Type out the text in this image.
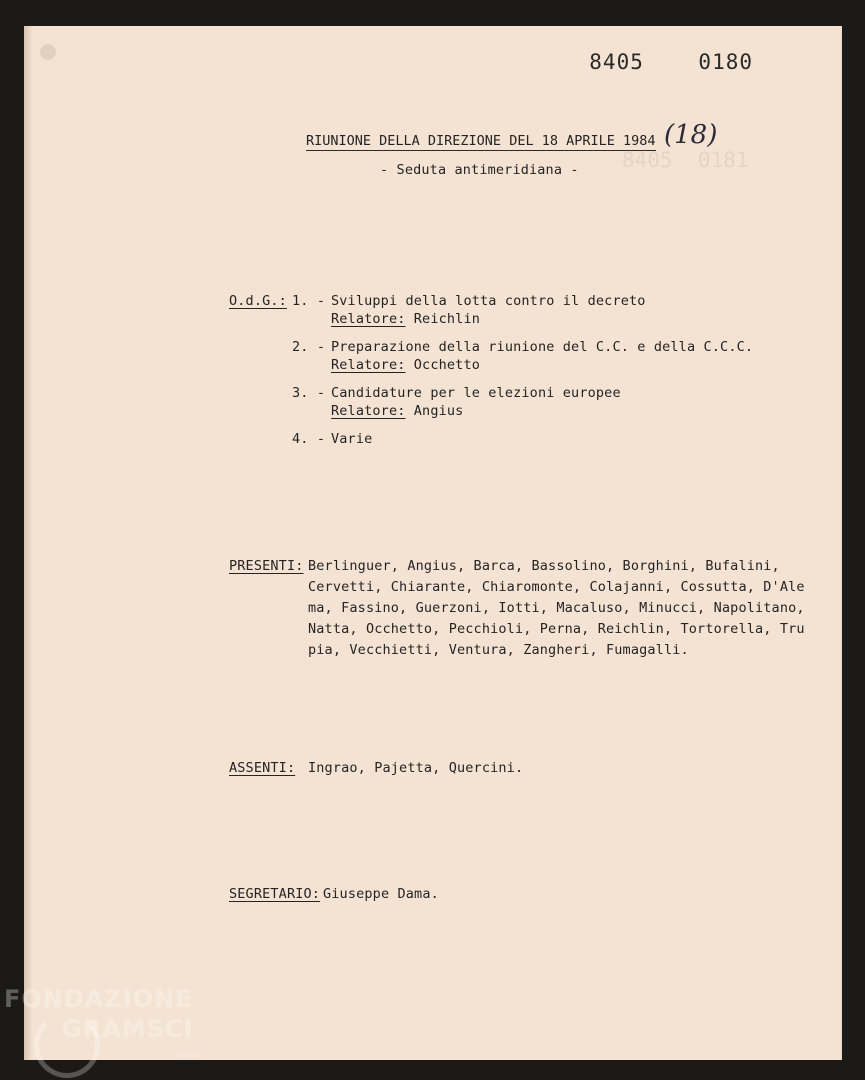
8405  0181
8405    0180
RIUNIONE DELLA DIREZIONE DEL 18 APRILE 1984 (18)
- Seduta antimeridiana -
O.d.G.: 1. - Sviluppi della lotta contro il decreto
Relatore: Reichlin
2. - Preparazione della riunione del C.C. e della C.C.C.
Relatore: Occhetto
3. - Candidature per le elezioni europee
Relatore: Angius
4. - Varie
PRESENTI: Berlinguer, Angius, Barca, Bassolino, Borghini, Bufalini,
Cervetti, Chiarante, Chiaromonte, Colajanni, Cossutta, D'Ale
ma, Fassino, Guerzoni, Iotti, Macaluso, Minucci, Napolitano,
Natta, Occhetto, Pecchioli, Perna, Reichlin, Tortorella, Tru
pia, Vecchietti, Ventura, Zangheri, Fumagalli.
ASSENTI: Ingrao, Pajetta, Quercini.
SEGRETARIO: Giuseppe Dama.
FONDAZIONE
GRAMSCI
onlus
